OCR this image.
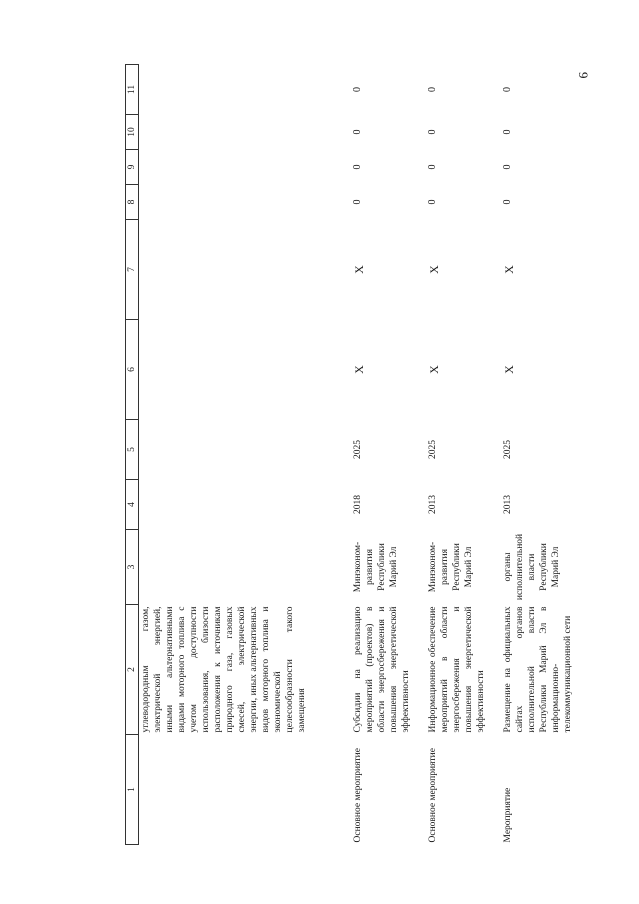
9
1	2	3	4	5	6	7	8	9	10	11
	углеводородным газом, электрической энергией, иными альтернативными видами моторного топлива с учетом доступности использования, близости расположения к источникам природного газа, газовых смесей, электрической энергии, иных альтернативных видов моторного топлива и экономической целесообразности такого замещения									
Основное мероприятие	Субсидии на реализацию мероприятий (проектов) в области энергосбережения и повышения энергетической эффективности	Минэконом-развития Республики Марий Эл	2018	2025	X	X	0	0	0	0
Основное мероприятие	Информационное обеспечение мероприятий в области энергосбережения и повышения энергетической эффективности	Минэконом-развития Республики Марий Эл	2013	2025	X	X	0	0	0	0
Мероприятие	Размещение на официальных сайтах органов исполнительной власти Республики Марий Эл в информационно-телекоммуникационной сети	органы исполнительной власти Республики Марий Эл	2013	2025	X	X	0	0	0	0
